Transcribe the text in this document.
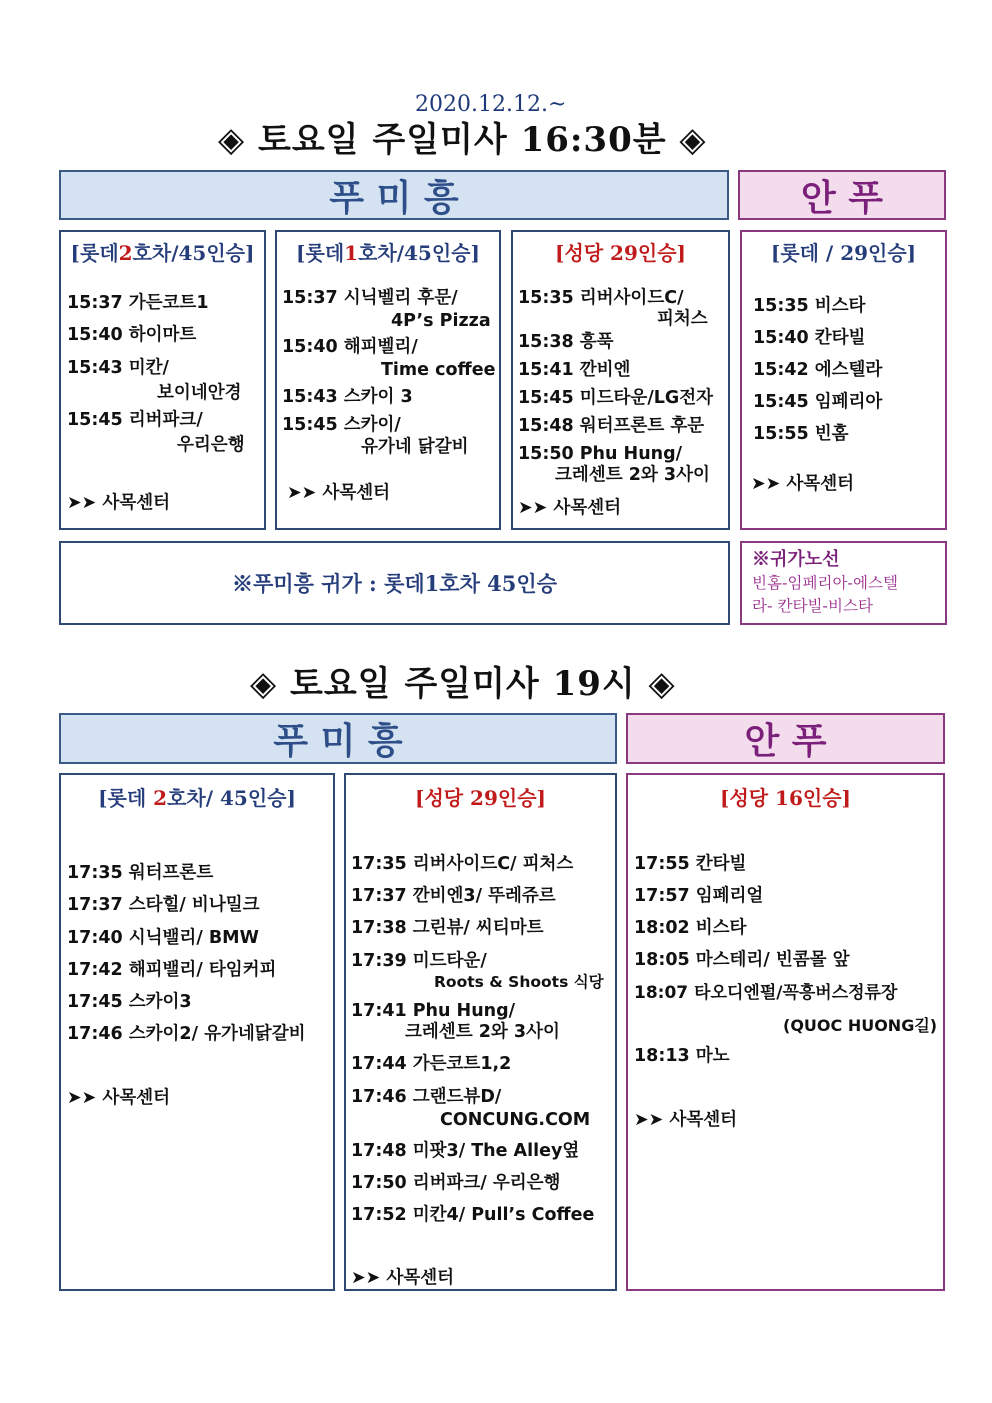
2020.12.12.~
◈ 토요일 주일미사 16:30분 ◈
푸 미 흥	안 푸
[롯데2호차/45인승]
15:37 가든코트1
15:40 하이마트
15:43 미칸/
보이네안경
15:45 리버파크/
우리은행
➤➤ 사목센터
[롯데1호차/45인승]
15:37 시닉벨리 후문/
4P’s Pizza
15:40 해피벨리/
Time coffee
15:43 스카이 3
15:45 스카이/
유가네 닭갈비
➤➤ 사목센터
[성당 29인승]
15:35 리버사이드C/
피처스
15:38 흥푹
15:41 깐비엔
15:45 미드타운/LG전자
15:48 워터프론트 후문
15:50 Phu Hung/
크레센트 2와 3사이
➤➤ 사목센터
[롯데 / 29인승]
15:35 비스타
15:40 칸타빌
15:42 에스텔라
15:45 임페리아
15:55 빈홈
➤➤ 사목센터
※푸미흥 귀가 : 롯데1호차 45인승
※귀가노선
빈홈-임페리아-에스텔
라- 칸타빌-비스타
◈ 토요일 주일미사 19시 ◈
푸 미 흥	안 푸
[롯데 2호차/ 45인승]
17:35 워터프론트
17:37 스타힐/ 비나밀크
17:40 시닉밸리/ BMW
17:42 해피밸리/ 타임커피
17:45 스카이3
17:46 스카이2/ 유가네닭갈비
➤➤ 사목센터
[성당 29인승]
17:35 리버사이드C/ 피처스
17:37 깐비엔3/ 뚜레쥬르
17:38 그린뷰/ 씨티마트
17:39 미드타운/
Roots & Shoots 식당
17:41 Phu Hung/
크레센트 2와 3사이
17:44 가든코트1,2
17:46 그랜드뷰D/
CONCUNG.COM
17:48 미팟3/ The Alley옆
17:50 리버파크/ 우리은행
17:52 미칸4/ Pull’s Coffee
➤➤ 사목센터
[성당 16인승]
17:55 칸타빌
17:57 임페리얼
18:02 비스타
18:05 마스테리/ 빈콤몰 앞
18:07 타오디엔펄/꼭흥버스정류장
(QUOC HUONG길)
18:13 마노
➤➤ 사목센터
